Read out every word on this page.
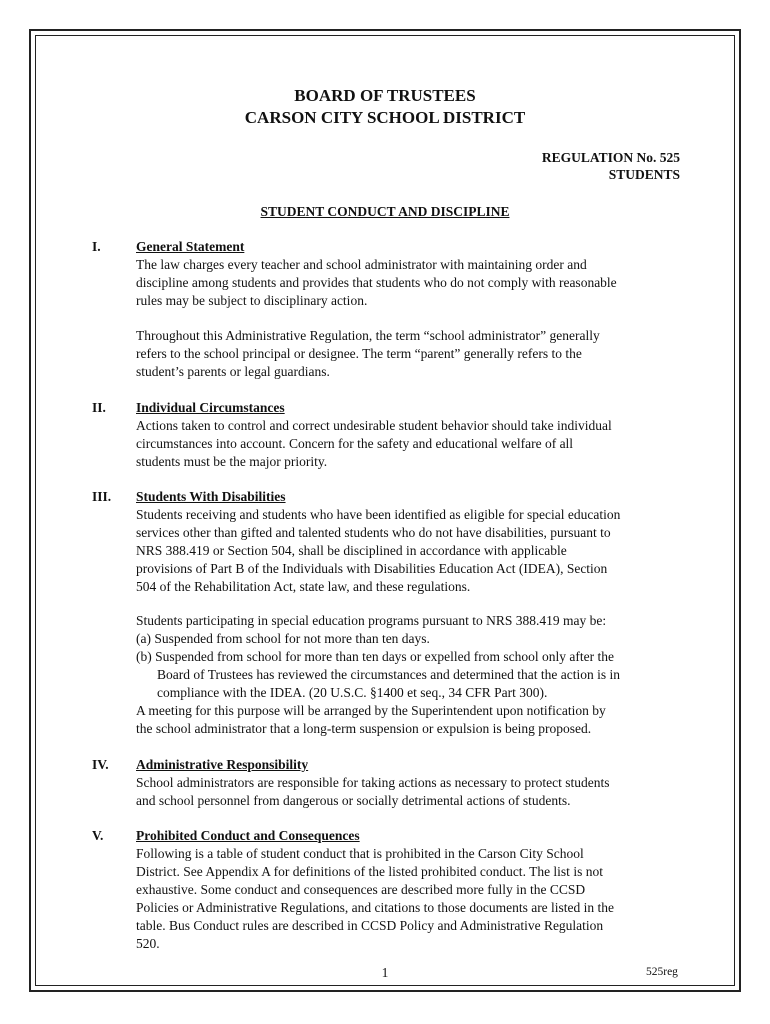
BOARD OF TRUSTEES
CARSON CITY SCHOOL DISTRICT
REGULATION No. 525
STUDENTS
STUDENT CONDUCT AND DISCIPLINE
I.	General Statement
The law charges every teacher and school administrator with maintaining order and
discipline among students and provides that students who do not comply with reasonable
rules may be subject to disciplinary action.
Throughout this Administrative Regulation, the term “school administrator” generally
refers to the school principal or designee. The term “parent” generally refers to the
student’s parents or legal guardians.
II. Individual Circumstances
Actions taken to control and correct undesirable student behavior should take individual
circumstances into account. Concern for the safety and educational welfare of all
students must be the major priority.
III. Students With Disabilities
Students receiving and students who have been identified as eligible for special education
services other than gifted and talented students who do not have disabilities, pursuant to
NRS 388.419 or Section 504, shall be disciplined in accordance with applicable
provisions of Part B of the Individuals with Disabilities Education Act (IDEA), Section
504 of the Rehabilitation Act, state law, and these regulations.
Students participating in special education programs pursuant to NRS 388.419 may be:
(a) Suspended from school for not more than ten days.
(b) Suspended from school for more than ten days or expelled from school only after the
Board of Trustees has reviewed the circumstances and determined that the action is in
compliance with the IDEA. (20 U.S.C. §1400 et seq., 34 CFR Part 300).
A meeting for this purpose will be arranged by the Superintendent upon notification by
the school administrator that a long-term suspension or expulsion is being proposed.
IV. Administrative Responsibility
School administrators are responsible for taking actions as necessary to protect students
and school personnel from dangerous or socially detrimental actions of students.
V. Prohibited Conduct and Consequences
Following is a table of student conduct that is prohibited in the Carson City School
District. See Appendix A for definitions of the listed prohibited conduct. The list is not
exhaustive. Some conduct and consequences are described more fully in the CCSD
Policies or Administrative Regulations, and citations to those documents are listed in the
table. Bus Conduct rules are described in CCSD Policy and Administrative Regulation
520.
1	525reg
